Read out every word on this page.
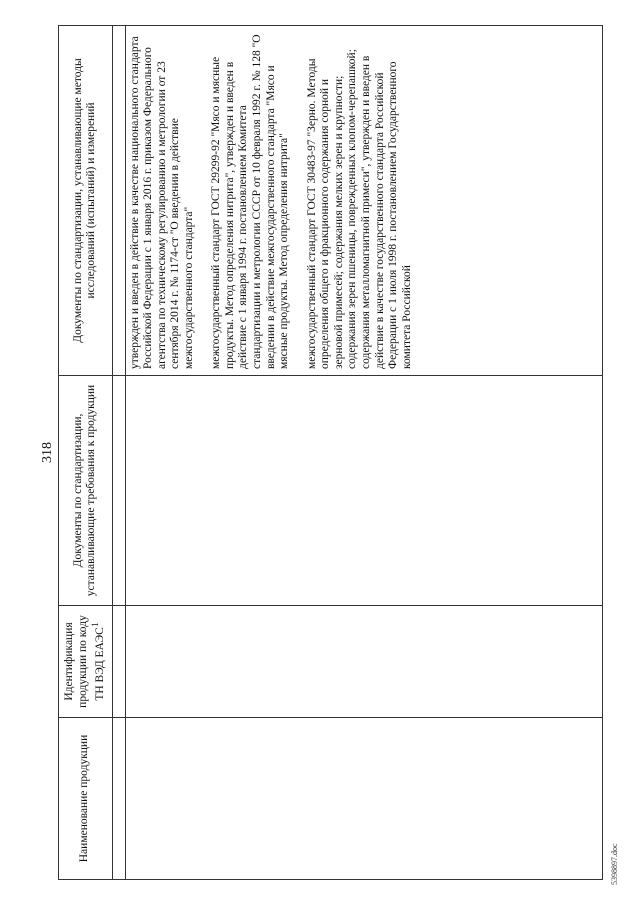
318
Наименование продукции	Идентификация продукции по коду ТН ВЭД ЕАЭС$^1$	Документы по стандартизации, устанавливающие требования к продукции	Документы по стандартизации, устанавливающие методы исследований (испытаний) и измерений

			утвержден и введен в действие в качестве национального стандарта Российской Федерации с 1 января 2016 г. приказом Федерального агентства по техническому регулированию и метрологии от 23 сентября 2014 г. № 1174-ст "О введении в действие межгосударственного стандарта" межгосударственный стандарт ГОСТ 29299-92 "Мясо и мясные продукты. Метод определения нитрита", утвержден и введен в действие с 1 января 1994 г. постановлением Комитета стандартизации и метрологии СССР от 10 февраля 1992 г. № 128 "О введении в действие межгосударственного стандарта "Мясо и мясные продукты. Метод определения нитрита" межгосударственный стандарт ГОСТ 30483-97 "Зерно. Методы определения общего и фракционного содержания сорной и зерновой примесей; содержания мелких зерен и крупности; содержания зерен пшеницы, поврежденных клопом-черепашкой; содержания металломагнитной примеси", утвержден и введен в действие в качестве государственного стандарта Российской Федерации с 1 июля 1998 г. постановлением Государственного комитета Российской
5398897.doc
